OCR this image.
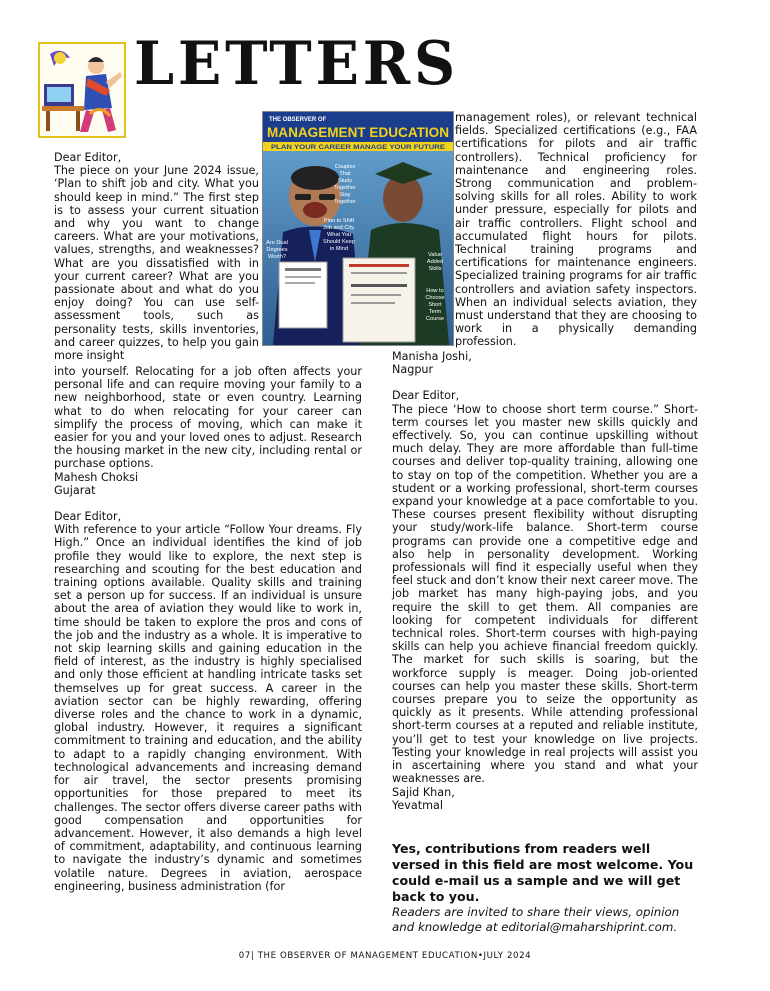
LETTERS
THE OBSERVER OF
MANAGEMENT EDUCATION
PLAN YOUR CAREER MANAGE YOUR FUTURE
Couples That Study Together Stay Together
Plan to Shift Job and City. What You Should Keep in Mind
Are Dual Degrees Worth?	Value Added Skills
How to Choose Short Term Course

Dear Editor,

The piece on your June 2024 issue, ‘Plan to shift job and city. What you should keep in mind.” The first step is to assess your current situation and why you want to change careers. What are your motivations, values, strengths, and weaknesses? What are you dissatisfied with in your current career? What are you passionate about and what do you enjoy doing? You can use self-assessment tools, such as personality tests, skills inventories, and career quizzes, to help you gain more insight

into yourself. Relocating for a job often affects your personal life and can require moving your family to a new neighborhood, state or even country. Learning what to do when relocating for your career can simplify the process of moving, which can make it easier for you and your loved ones to adjust. Research the housing market in the new city, including rental or purchase options.

Mahesh Choksi

Gujarat

Dear Editor,

With reference to your article “Follow Your dreams. Fly High.” Once an individual identifies the kind of job profile they would like to explore, the next step is researching and scouting for the best education and training options available. Quality skills and training set a person up for success. If an individual is unsure about the area of aviation they would like to work in, time should be taken to explore the pros and cons of the job and the industry as a whole. It is imperative to not skip learning skills and gaining education in the field of interest, as the industry is highly specialised and only those efficient at handling intricate tasks set themselves up for great success. A career in the aviation sector can be highly rewarding, offering diverse roles and the chance to work in a dynamic, global industry. However, it requires a significant commitment to training and education, and the ability to adapt to a rapidly changing environment. With technological advancements and increasing demand for air travel, the sector presents promising opportunities for those prepared to meet its challenges. The sector offers diverse career paths with good compensation and opportunities for advancement. However, it also demands a high level of commitment, adaptability, and continuous learning to navigate the industry’s dynamic and sometimes volatile nature. Degrees in aviation, aerospace engineering, business administration (for

management roles), or relevant technical fields. Specialized certifications (e.g., FAA certifications for pilots and air traffic controllers). Technical proficiency for maintenance and engineering roles. Strong communication and problem-solving skills for all roles. Ability to work under pressure, especially for pilots and air traffic controllers. Flight school and accumulated flight hours for pilots. Technical training programs and certifications for maintenance engineers. Specialized training programs for air traffic controllers and aviation safety inspectors. When an individual selects aviation, they must understand that they are choosing to work in a physically demanding profession.

Manisha Joshi,

Nagpur

Dear Editor,

The piece ‘How to choose short term course.” Short-term courses let you master new skills quickly and effectively. So, you can continue upskilling without much delay. They are more affordable than full-time courses and deliver top-quality training, allowing one to stay on top of the competition. Whether you are a student or a working professional, short-term courses expand your knowledge at a pace comfortable to you. These courses present flexibility without disrupting your study/work-life balance. Short-term course programs can provide one a competitive edge and also help in personality development. Working professionals will find it especially useful when they feel stuck and don’t know their next career move. The job market has many high-paying jobs, and you require the skill to get them. All companies are looking for competent individuals for different technical roles. Short-term courses with high-paying skills can help you achieve financial freedom quickly. The market for such skills is soaring, but the workforce supply is meager. Doing job-oriented courses can help you master these skills. Short-term courses prepare you to seize the opportunity as quickly as it presents. While attending professional short-term courses at a reputed and reliable institute, you’ll get to test your knowledge on live projects. Testing your knowledge in real projects will assist you in ascertaining where you stand and what your weaknesses are.

Sajid Khan,

Yevatmal

Yes, contributions from readers well versed in this field are most welcome. You could e-mail us a sample and we will get back to you.
Readers are invited to share their views, opinion and knowledge at editorial@maharshiprint.com.
07| THE OBSERVER OF MANAGEMENT EDUCATION•JULY 2024
